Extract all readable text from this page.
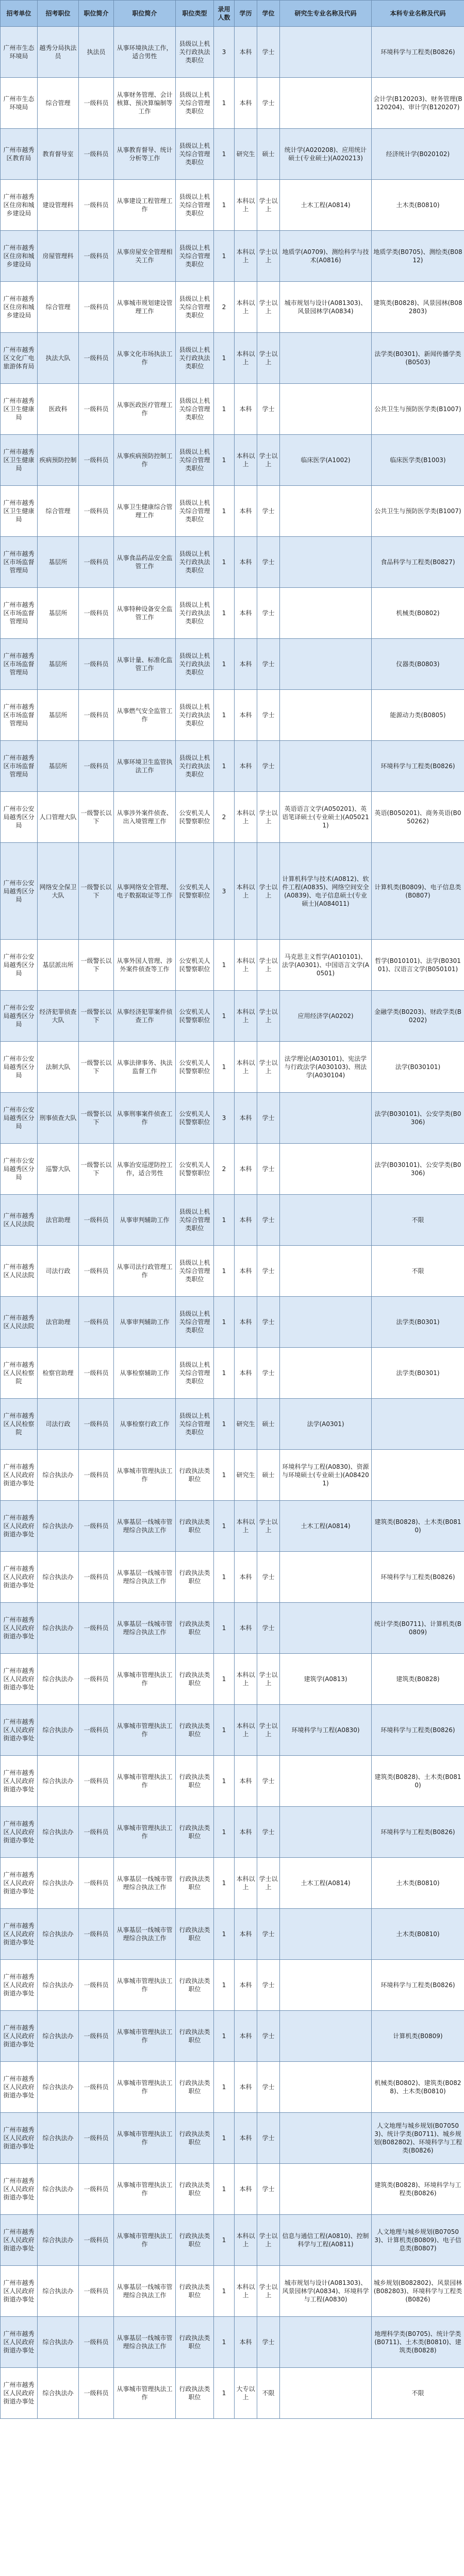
招考单位	招考职位	职位简介	职位简介	职位类型	录用人数	学历	学位	研究生专业名称及代码	本科专业名称及代码
广州市生态环境局	越秀分局执法员	执法员	从事环境执法工作，适合男性	县级以上机关行政执法类职位	3	本科	学士		环境科学与工程类(B0826)
广州市生态环境局	综合管理	一级科员	从事财务管理、会计核算、预决算编制等工作	县级以上机关综合管理类职位	1	本科	学士		会计学(B120203)、财务管理(B120204)、审计学(B120207)
广州市越秀区教育局	教育督导室	一级科员	从事教育督导、统计分析等工作	县级以上机关综合管理类职位	1	研究生	硕士	统计学(A020208)、应用统计硕士(专业硕士)(A020213)	经济统计学(B020102)
广州市越秀区住房和城乡建设局	建设管理科	一级科员	从事建设工程管理工作	县级以上机关综合管理类职位	1	本科以上	学士以上	土木工程(A0814)	土木类(B0810)
广州市越秀区住房和城乡建设局	房屋管理科	一级科员	从事房屋安全管理相关工作	县级以上机关综合管理类职位	1	本科以上	学士以上	地质学(A0709)、测绘科学与技术(A0816)	地质学类(B0705)、测绘类(B0812)
广州市越秀区住房和城乡建设局	综合管理	一级科员	从事城市规划建设管理工作	县级以上机关综合管理类职位	2	本科以上	学士以上	城市规划与设计(A081303)、风景园林学(A0834)	建筑类(B0828)、风景园林(B082803)
广州市越秀区文化广电旅游体育局	执法大队	一级科员	从事文化市场执法工作	县级以上机关行政执法类职位	1	本科以上	学士以上		法学类(B0301)、新闻传播学类(B0503)
广州市越秀区卫生健康局	医政科	一级科员	从事医政医疗管理工作	县级以上机关综合管理类职位	1	本科	学士		公共卫生与预防医学类(B1007)
广州市越秀区卫生健康局	疾病预防控制	一级科员	从事疾病预防控制工作	县级以上机关综合管理类职位	1	本科以上	学士以上	临床医学(A1002)	临床医学类(B1003)
广州市越秀区卫生健康局	综合管理	一级科员	从事卫生健康综合管理工作	县级以上机关综合管理类职位	1	本科	学士		公共卫生与预防医学类(B1007)
广州市越秀区市场监督管理局	基层所	一级科员	从事食品药品安全监管工作	县级以上机关行政执法类职位	1	本科	学士		食品科学与工程类(B0827)
广州市越秀区市场监督管理局	基层所	一级科员	从事特种设备安全监管工作	县级以上机关行政执法类职位	1	本科	学士		机械类(B0802)
广州市越秀区市场监督管理局	基层所	一级科员	从事计量、标准化监管工作	县级以上机关行政执法类职位	1	本科	学士		仪器类(B0803)
广州市越秀区市场监督管理局	基层所	一级科员	从事燃气安全监管工作	县级以上机关行政执法类职位	1	本科	学士		能源动力类(B0805)
广州市越秀区市场监督管理局	基层所	一级科员	从事环境卫生监管执法工作	县级以上机关行政执法类职位	1	本科	学士		环境科学与工程类(B0826)
广州市公安局越秀区分局	人口管理大队	一级警长以下	从事涉外案件侦查、出入境管理工作	公安机关人民警察职位	2	本科以上	学士以上	英语语言文学(A050201)、英语笔译硕士(专业硕士)(A050211)	英语(B050201)、商务英语(B050262)
广州市公安局越秀区分局	网络安全保卫大队	一级警长以下	从事网络安全管理、电子数据取证等工作	公安机关人民警察职位	3	本科以上	学士以上	计算机科学与技术(A0812)、软件工程(A0835)、网络空间安全(A0839)、电子信息硕士(专业硕士)(A084011)	计算机类(B0809)、电子信息类(B0807)
广州市公安局越秀区分局	基层派出所	一级警长以下	从事外国人管理、涉外案件侦查等工作	公安机关人民警察职位	1	本科以上	学士以上	马克思主义哲学(A010101)、法学(A0301)、中国语言文学(A0501)	哲学(B010101)、法学(B030101)、汉语言文学(B050101)
广州市公安局越秀区分局	经济犯罪侦查大队	一级警长以下	从事经济犯罪案件侦查工作	公安机关人民警察职位	1	本科以上	学士以上	应用经济学(A0202)	金融学类(B0203)、财政学类(B0202)
广州市公安局越秀区分局	法制大队	一级警长以下	从事法律事务、执法监督工作	公安机关人民警察职位	1	本科以上	学士以上	法学理论(A030101)、宪法学与行政法学(A030103)、刑法学(A030104)	法学(B030101)
广州市公安局越秀区分局	刑事侦查大队	一级警长以下	从事刑事案件侦查工作	公安机关人民警察职位	3	本科	学士		法学(B030101)、公安学类(B0306)
广州市公安局越秀区分局	巡警大队	一级警长以下	从事治安巡逻防控工作，适合男性	公安机关人民警察职位	2	本科	学士		法学(B030101)、公安学类(B0306)
广州市越秀区人民法院	法官助理	一级科员	从事审判辅助工作	县级以上机关综合管理类职位	1	本科	学士		不限
广州市越秀区人民法院	司法行政	一级科员	从事司法行政管理工作	县级以上机关综合管理类职位	1	本科	学士		不限
广州市越秀区人民法院	法官助理	一级科员	从事审判辅助工作	县级以上机关综合管理类职位	1	本科	学士		法学类(B0301)
广州市越秀区人民检察院	检察官助理	一级科员	从事检察辅助工作	县级以上机关综合管理类职位	1	本科	学士		法学类(B0301)
广州市越秀区人民检察院	司法行政	一级科员	从事检察行政工作	县级以上机关综合管理类职位	1	研究生	硕士	法学(A0301)	
广州市越秀区人民政府街道办事处	综合执法办	一级科员	从事城市管理执法工作	行政执法类职位	1	研究生	硕士	环境科学与工程(A0830)、资源与环境硕士(专业硕士)(A084201)	
广州市越秀区人民政府街道办事处	综合执法办	一级科员	从事基层一线城市管理综合执法工作	行政执法类职位	1	本科以上	学士以上	土木工程(A0814)	建筑类(B0828)、土木类(B0810)
广州市越秀区人民政府街道办事处	综合执法办	一级科员	从事基层一线城市管理综合执法工作	行政执法类职位	1	本科	学士		环境科学与工程类(B0826)
广州市越秀区人民政府街道办事处	综合执法办	一级科员	从事基层一线城市管理综合执法工作	行政执法类职位	1	本科	学士		统计学类(B0711)、计算机类(B0809)
广州市越秀区人民政府街道办事处	综合执法办	一级科员	从事城市管理执法工作	行政执法类职位	1	本科以上	学士以上	建筑学(A0813)	建筑类(B0828)
广州市越秀区人民政府街道办事处	综合执法办	一级科员	从事城市管理执法工作	行政执法类职位	1	本科以上	学士以上	环境科学与工程(A0830)	环境科学与工程类(B0826)
广州市越秀区人民政府街道办事处	综合执法办	一级科员	从事城市管理执法工作	行政执法类职位	1	本科	学士		建筑类(B0828)、土木类(B0810)
广州市越秀区人民政府街道办事处	综合执法办	一级科员	从事城市管理执法工作	行政执法类职位	1	本科	学士		环境科学与工程类(B0826)
广州市越秀区人民政府街道办事处	综合执法办	一级科员	从事基层一线城市管理综合执法工作	行政执法类职位	1	本科以上	学士以上	土木工程(A0814)	土木类(B0810)
广州市越秀区人民政府街道办事处	综合执法办	一级科员	从事基层一线城市管理综合执法工作	行政执法类职位	1	本科	学士		土木类(B0810)
广州市越秀区人民政府街道办事处	综合执法办	一级科员	从事城市管理执法工作	行政执法类职位	1	本科	学士		环境科学与工程类(B0826)
广州市越秀区人民政府街道办事处	综合执法办	一级科员	从事城市管理执法工作	行政执法类职位	1	本科	学士		计算机类(B0809)
广州市越秀区人民政府街道办事处	综合执法办	一级科员	从事城市管理执法工作	行政执法类职位	1	本科	学士		机械类(B0802)、建筑类(B0828)、土木类(B0810)
广州市越秀区人民政府街道办事处	综合执法办	一级科员	从事城市管理执法工作	行政执法类职位	1	本科	学士		人文地理与城乡规划(B070503)、统计学类(B0711)、城乡规划(B082802)、环境科学与工程类(B0826)
广州市越秀区人民政府街道办事处	综合执法办	一级科员	从事城市管理执法工作	行政执法类职位	1	本科	学士		建筑类(B0828)、环境科学与工程类(B0826)
广州市越秀区人民政府街道办事处	综合执法办	一级科员	从事城市管理执法工作	行政执法类职位	1	本科以上	学士以上	信息与通信工程(A0810)、控制科学与工程(A0811)	人文地理与城乡规划(B070503)、计算机类(B0809)、电子信息类(B0807)
广州市越秀区人民政府街道办事处	综合执法办	一级科员	从事基层一线城市管理综合执法工作	行政执法类职位	1	本科以上	学士以上	城市规划与设计(A081303)、风景园林学(A0834)、环境科学与工程(A0830)	城乡规划(B082802)、风景园林(B082803)、环境科学与工程类(B0826)
广州市越秀区人民政府街道办事处	综合执法办	一级科员	从事基层一线城市管理综合执法工作	行政执法类职位	1	本科	学士		地理科学类(B0705)、统计学类(B0711)、土木类(B0810)、建筑类(B0828)
广州市越秀区人民政府街道办事处	综合执法办	一级科员	从事城市管理执法工作	行政执法类职位	1	大专以上	不限		不限
